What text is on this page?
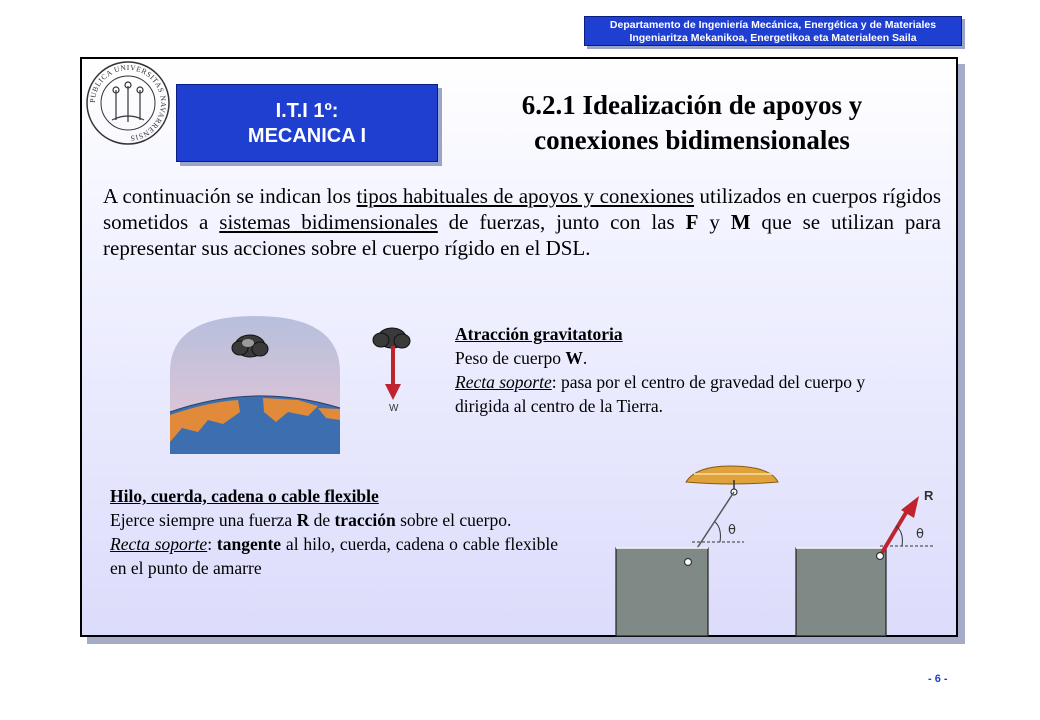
Departamento de Ingeniería Mecánica, Energética y de Materiales
Ingeniaritza Mekanikoa, Energetikoa eta Materialeen Saila
PUBLICA UNIVERSITAS NAVARRENSIS
I.T.I 1º:
MECANICA I
6.2.1 Idealización de apoyos y
conexiones bidimensionales
A continuación se indican los tipos habituales de apoyos y conexiones utilizados en cuerpos rígidos sometidos a sistemas bidimensionales de fuerzas, junto con las F y M que se utilizan para representar sus acciones sobre el cuerpo rígido en el DSL.
W
Atracción gravitatoria
Peso de cuerpo W.
Recta soporte: pasa por el centro de gravedad del cuerpo y dirigida al centro de la Tierra.
Hilo, cuerda, cadena o cable flexible
Ejerce siempre una fuerza R de tracción sobre el cuerpo.
Recta soporte: tangente al hilo, cuerda, cadena o cable flexible en el punto de amarre
θ	θ
R
- 6 -
